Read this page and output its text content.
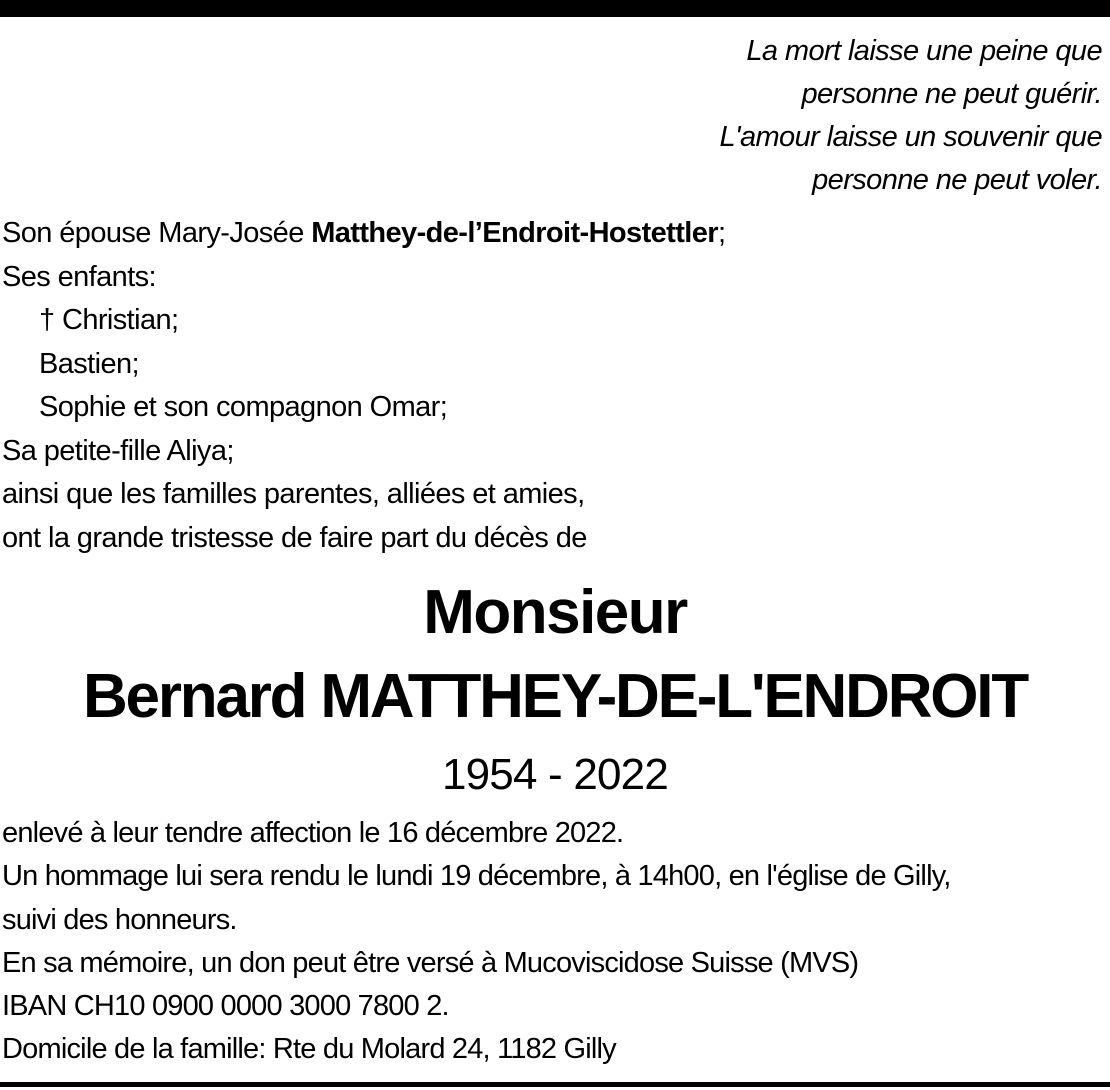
La mort laisse une peine que
personne ne peut guérir.
L'amour laisse un souvenir que
personne ne peut voler.
Son épouse Mary-Josée Matthey-de-l’Endroit-Hostettler;
Ses enfants:
† Christian;
Bastien;
Sophie et son compagnon Omar;
Sa petite-fille Aliya;
ainsi que les familles parentes, alliées et amies,
ont la grande tristesse de faire part du décès de
Monsieur
Bernard MATTHEY-DE-L'ENDROIT
1954 - 2022
enlevé à leur tendre affection le 16 décembre 2022.
Un hommage lui sera rendu le lundi 19 décembre, à 14h00, en l'église de Gilly,
suivi des honneurs.
En sa mémoire, un don peut être versé à Mucoviscidose Suisse (MVS)
IBAN CH10 0900 0000 3000 7800 2.
Domicile de la famille: Rte du Molard 24, 1182 Gilly
